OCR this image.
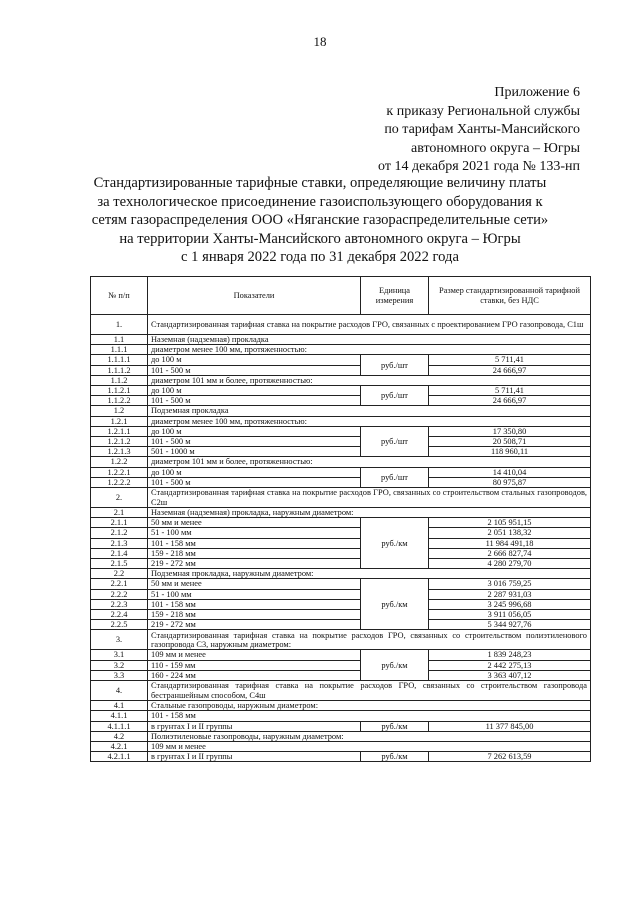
18
Приложение 6
к приказу Региональной службы
по тарифам Ханты-Мансийского
автономного округа – Югры
от 14 декабря 2021 года № 133-нп
Стандартизированные тарифные ставки, определяющие величину платы
за технологическое присоединение газоиспользующего оборудования к
сетям газораспределения ООО «Няганские газораспределительные сети»
на территории Ханты-Мансийского автономного округа – Югры
с 1 января 2022 года по 31 декабря 2022 года
№ п/п	Показатели	Единица измерения	Размер стандартизированной тарифной ставки, без НДС
1.	Стандартизированная тарифная ставка на покрытие расходов ГРО, связанных с проектированием ГРО газопровода, С1ш		
1.1	Наземная (надземная) прокладка		
1.1.1	диаметром менее 100 мм, протяженностью:		
1.1.1.1	до 100 м	руб./шт	5 711,41
1.1.1.2	101 - 500 м		24 666,97
1.1.2	диаметром 101 мм и более, протяженностью:		
1.1.2.1	до 100 м	руб./шт	5 711,41
1.1.2.2	101 - 500 м		24 666,97
1.2	Подземная прокладка		
1.2.1	диаметром менее 100 мм, протяженностью:		
1.2.1.1	до 100 м	руб./шт	17 350,80
1.2.1.2	101 - 500 м		20 508,71
1.2.1.3	501 - 1000 м		118 960,11
1.2.2	диаметром 101 мм и более, протяженностью:		
1.2.2.1	до 100 м	руб./шт	14 410,04
1.2.2.2	101 - 500 м		80 975,87
2.	Стандартизированная тарифная ставка на покрытие расходов ГРО, связанных со строительством стальных газопроводов, С2ш		
2.1	Наземная (надземная) прокладка, наружным диаметром:		
2.1.1	50 мм и менее	руб./км	2 105 951,15
2.1.2	51 - 100 мм		2 051 138,32
2.1.3	101 - 158 мм		11 984 491,18
2.1.4	159 - 218 мм		2 666 827,74
2.1.5	219 - 272 мм		4 280 279,70
2.2	Подземная прокладка, наружным диаметром:		
2.2.1	50 мм и менее	руб./км	3 016 759,25
2.2.2	51 - 100 мм		2 287 931,03
2.2.3	101 - 158 мм		3 245 996,68
2.2.4	159 - 218 мм		3 911 056,05
2.2.5	219 - 272 мм		5 344 927,76
3.	Стандартизированная тарифная ставка на покрытие расходов ГРО, связанных со строительством полиэтиленового газопровода С3, наружным диаметром:		
3.1	109 мм и менее	руб./км	1 839 248,23
3.2	110 - 159 мм		2 442 275,13
3.3	160 - 224 мм		3 363 407,12
4.	Стандартизированная тарифная ставка на покрытие расходов ГРО, связанных со строительством газопровода бестраншейным способом, С4ш		
4.1	Стальные газопроводы, наружным диаметром:		
4.1.1	101 - 158 мм		
4.1.1.1	в грунтах I и II группы	руб./км	11 377 845,00
4.2	Полиэтиленовые газопроводы, наружным диаметром:		
4.2.1	109 мм и менее		
4.2.1.1	в грунтах I и II группы	руб./км	7 262 613,59
